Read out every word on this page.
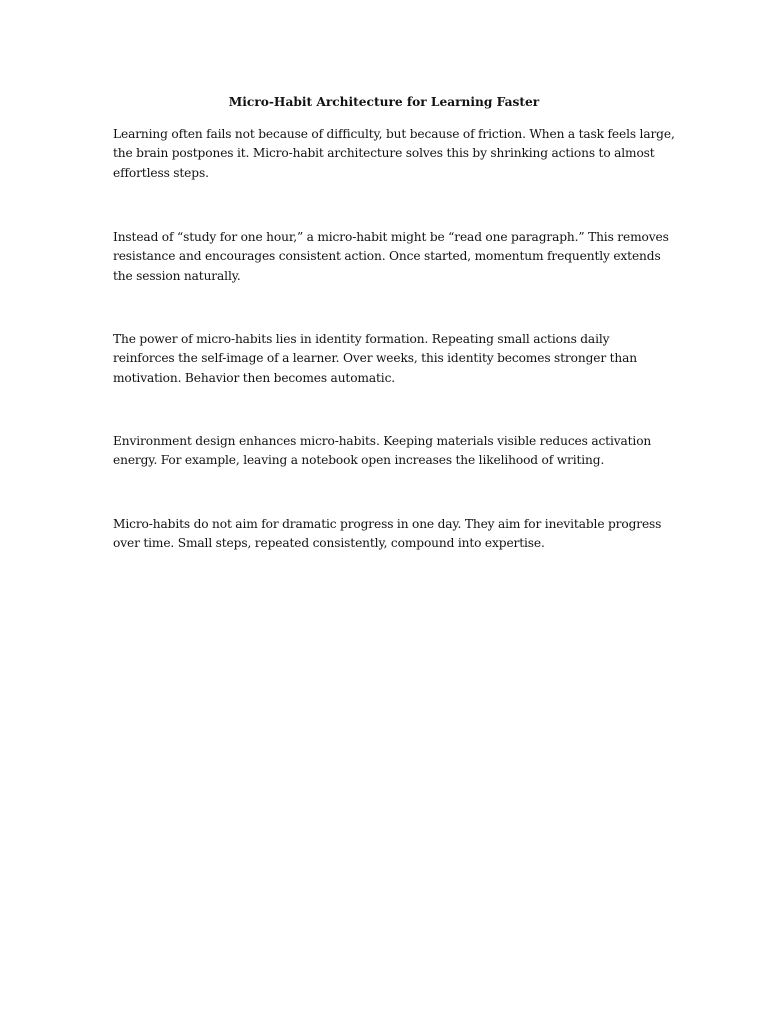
Micro-Habit Architecture for Learning Faster

Learning often fails not because of difficulty, but because of friction. When a task feels large,
the brain postpones it. Micro-habit architecture solves this by shrinking actions to almost
effortless steps.

Instead of “study for one hour,” a micro-habit might be “read one paragraph.” This removes
resistance and encourages consistent action. Once started, momentum frequently extends
the session naturally.

The power of micro-habits lies in identity formation. Repeating small actions daily
reinforces the self-image of a learner. Over weeks, this identity becomes stronger than
motivation. Behavior then becomes automatic.

Environment design enhances micro-habits. Keeping materials visible reduces activation
energy. For example, leaving a notebook open increases the likelihood of writing.

Micro-habits do not aim for dramatic progress in one day. They aim for inevitable progress
over time. Small steps, repeated consistently, compound into expertise.
